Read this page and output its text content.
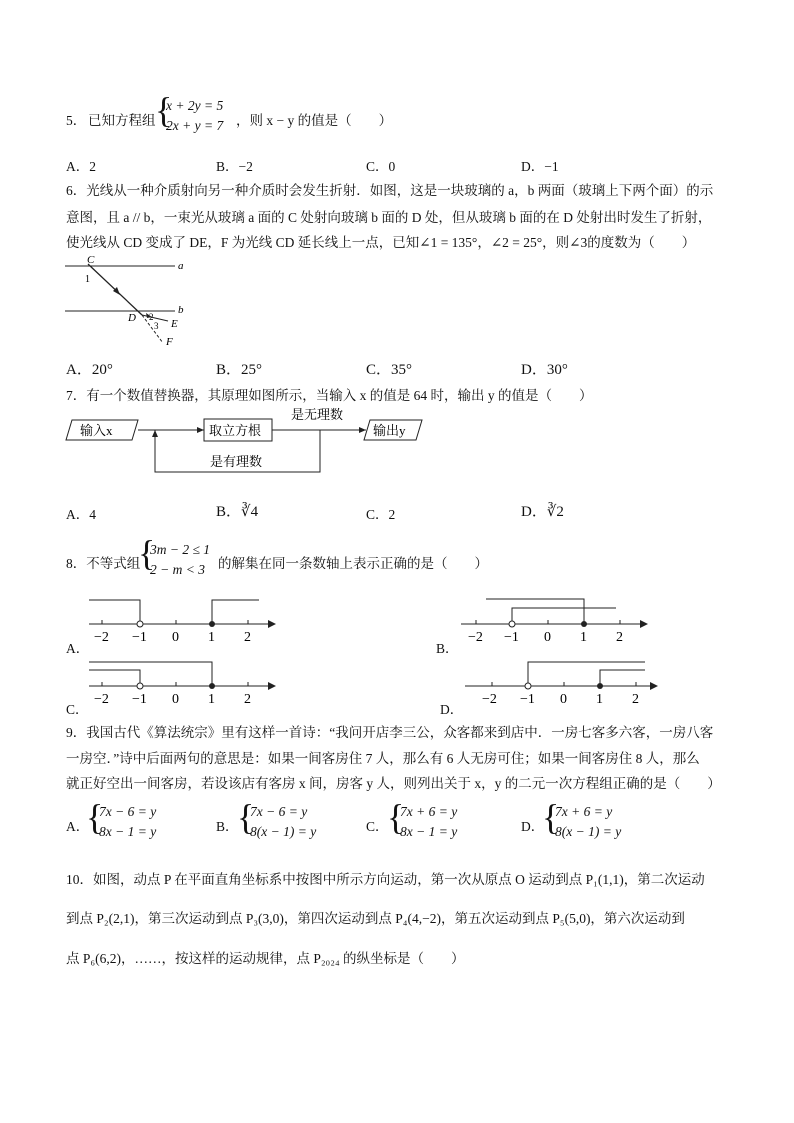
5． 已知方程组 {
x + 2y = 5
2x + y = 7 ，则 x − y 的值是（　　）
A．2	B．−2	C．0	D．−1
6．光线从一种介质射向另一种介质时会发生折射．如图，这是一块玻璃的 a，b 两面（玻璃上下两个面）的示
意图，且 a // b，一束光从玻璃 a 面的 C 处射向玻璃 b 面的 D 处，但从玻璃 b 面的在 D 处射出时发生了折射，
使光线从 CD 变成了 DE，F 为光线 CD 延长线上一点，已知∠1 = 135°，∠2 = 25°，则∠3的度数为（　　）
C	a
1
b
D 2
3 E
F
A．20°	B．25°	C．35°	D．30°
7．有一个数值替换器，其原理如图所示，当输入 x 的值是 64 时，输出 y 的值是（　　）
输入x	取立方根
是无理数
输出y
是有理数
A．4	B．∛4	C．2	D．∛2
8．不等式组
{
3m − 2 ≤ 1
2 − m < 3 的解集在同一条数轴上表示正确的是（　　）
A．	B．
C．	D．
−2 −1 0 1 2	−2 −1 0 1 2
−2 −1 0 1 2	−2 −1 0 1 2
9．我国古代《算法统宗》里有这样一首诗：“我问开店李三公，众客都来到店中．一房七客多六客，一房八客
一房空．”诗中后面两句的意思是：如果一间客房住 7 人，那么有 6 人无房可住；如果一间客房住 8 人，那么
就正好空出一间客房，若设该店有客房 x 间，房客 y 人，则列出关于 x，y 的二元一次方程组正确的是（　　）
A．
{
7x − 6 = y
8x − 1 = y	B．
{
7x − 6 = y
8(x − 1) = y	C．
{
7x + 6 = y
8x − 1 = y	D．
{
7x + 6 = y
8(x − 1) = y
10．如图，动点 P 在平面直角坐标系中按图中所示方向运动，第一次从原点 O 运动到点 P₁(1,1)，第二次运动
到点 P₂(2,1)，第三次运动到点 P₃(3,0)，第四次运动到点 P₄(4,−2)，第五次运动到点 P₅(5,0)，第六次运动到
点 P₆(6,2)，……，按这样的运动规律，点 P₂₀₂₄ 的纵坐标是（　　）
